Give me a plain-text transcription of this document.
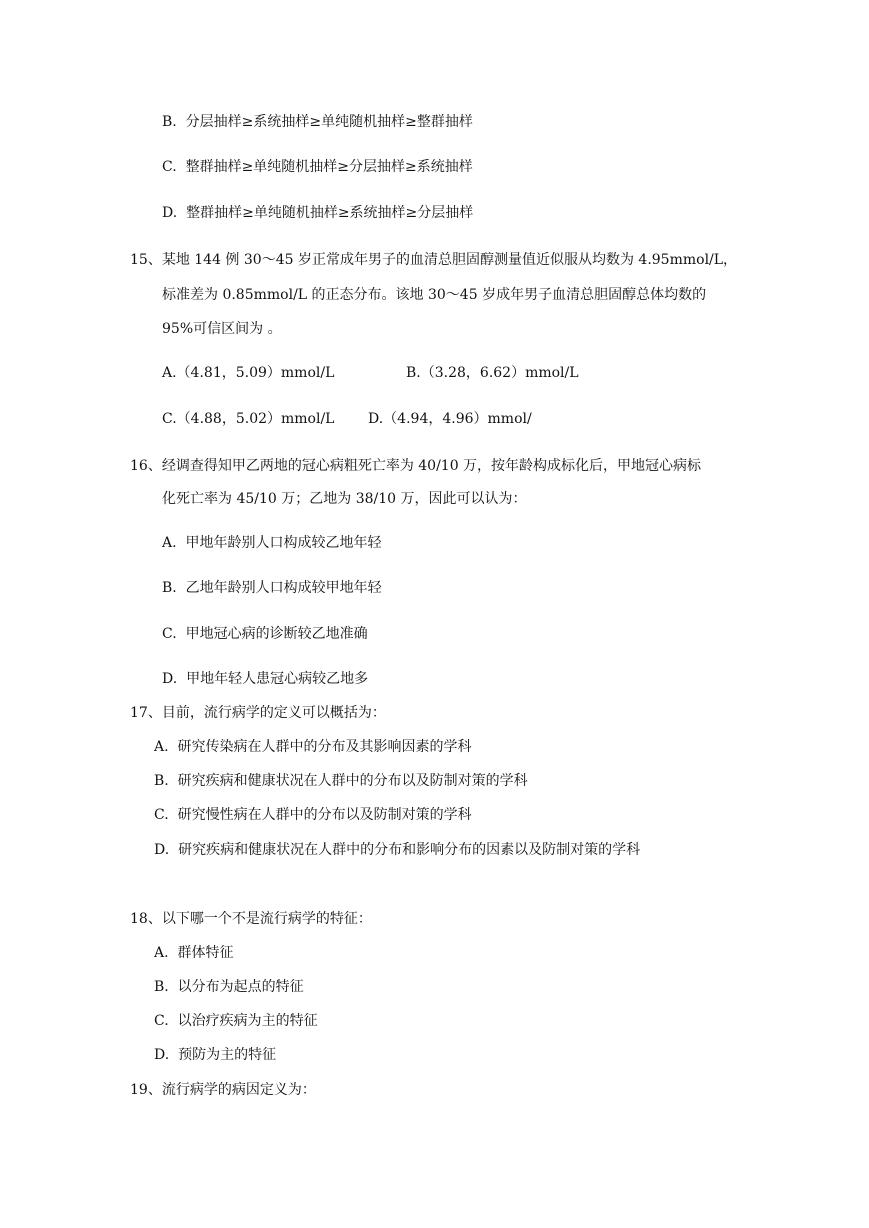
B. 分层抽样≥系统抽样≥单纯随机抽样≥整群抽样
C. 整群抽样≥单纯随机抽样≥分层抽样≥系统抽样
D. 整群抽样≥单纯随机抽样≥系统抽样≥分层抽样
15、某地 144 例 30～45 岁正常成年男子的血清总胆固醇测量值近似服从均数为 4.95mmol/L，
标准差为 0.85mmol/L 的正态分布。该地 30～45 岁成年男子血清总胆固醇总体均数的
95%可信区间为 。
A.（4.81，5.09）mmol/L	B.（3.28，6.62）mmol/L
C.（4.88，5.02）mmol/L D.（4.94，4.96）mmol/
16、经调查得知甲乙两地的冠心病粗死亡率为 40/10 万，按年龄构成标化后，甲地冠心病标
化死亡率为 45/10 万；乙地为 38/10 万，因此可以认为：
A. 甲地年龄别人口构成较乙地年轻
B. 乙地年龄别人口构成较甲地年轻
C. 甲地冠心病的诊断较乙地准确
D. 甲地年轻人患冠心病较乙地多
17、目前，流行病学的定义可以概括为：
A. 研究传染病在人群中的分布及其影响因素的学科
B. 研究疾病和健康状况在人群中的分布以及防制对策的学科
C. 研究慢性病在人群中的分布以及防制对策的学科
D. 研究疾病和健康状况在人群中的分布和影响分布的因素以及防制对策的学科
18、以下哪一个不是流行病学的特征：
A. 群体特征
B. 以分布为起点的特征
C. 以治疗疾病为主的特征
D. 预防为主的特征
19、流行病学的病因定义为：
